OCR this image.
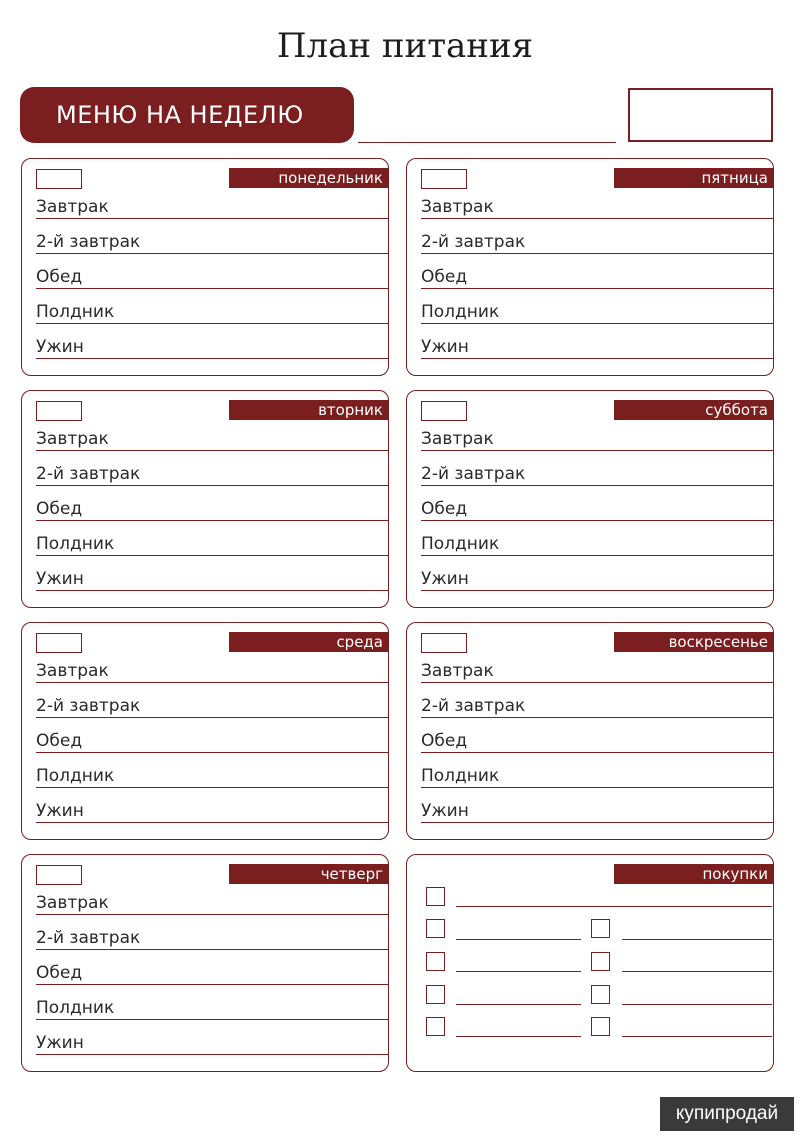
План питания
МЕНЮ НА НЕДЕЛЮ
понедельник
Завтрак
2-й завтрак
Обед
Полдник
Ужин
пятница
Завтрак
2-й завтрак
Обед
Полдник
Ужин
вторник
Завтрак
2-й завтрак
Обед
Полдник
Ужин
суббота
Завтрак
2-й завтрак
Обед
Полдник
Ужин
среда
Завтрак
2-й завтрак
Обед
Полдник
Ужин
воскресенье
Завтрак
2-й завтрак
Обед
Полдник
Ужин
четверг
Завтрак
2-й завтрак
Обед
Полдник
Ужин
покупки
купипродай
